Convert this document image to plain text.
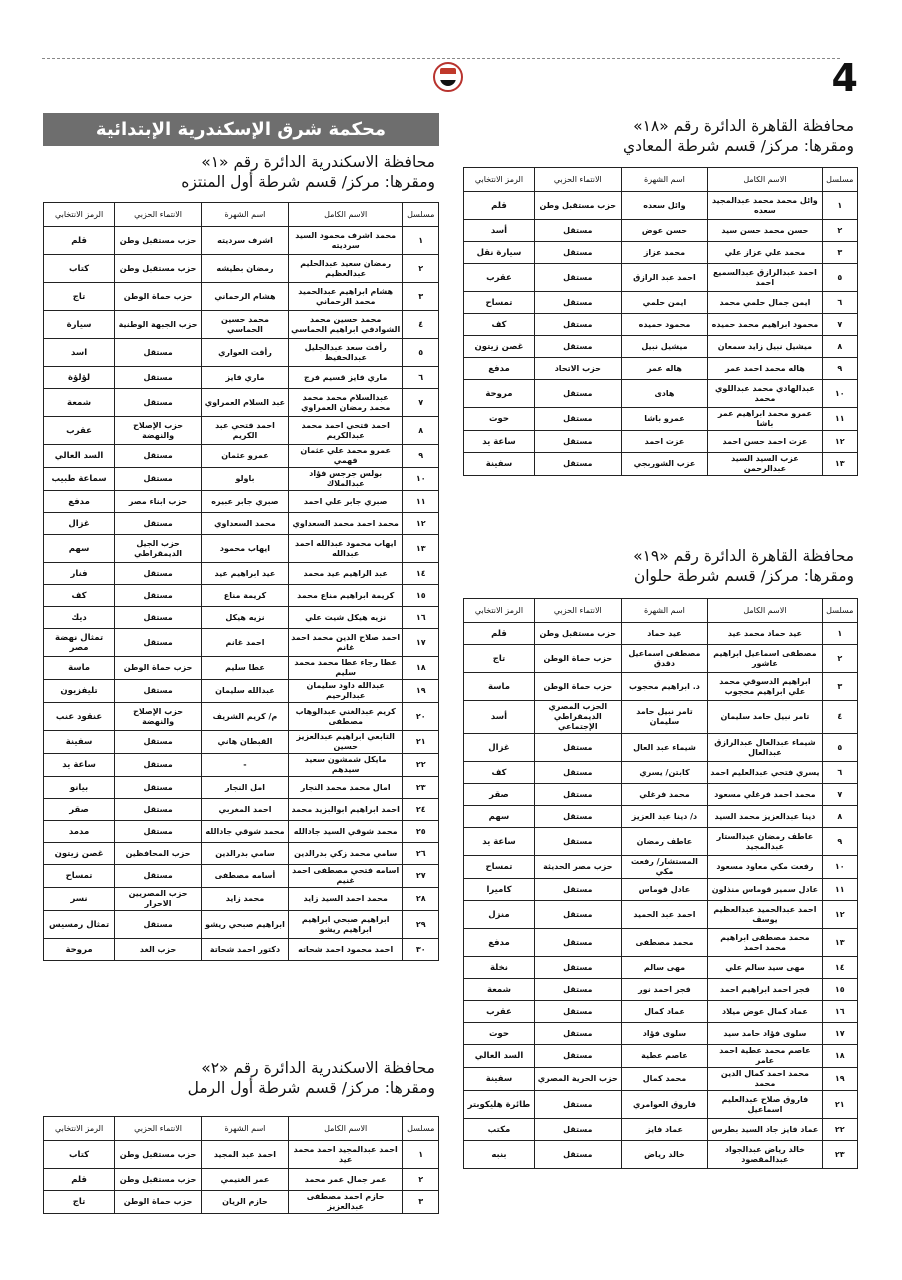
4
محكمة شرق الإسكندرية الإبتدائية
محافظة الاسكندرية الدائرة رقم «١»
ومقرها: مركز/ قسم شرطة أول المنتزه
مسلسل	الاسم الكامل	اسم الشهرة	الانتماء الحزبي	الرمز الانتخابي
١	محمد اشرف محمود السيد سرديته	اشرف سرديته	حزب مستقبل وطن	قلم
٢	رمضان سعيد عبدالحليم عبدالعظيم	رمضان بطيشه	حزب مستقبل وطن	كتاب
٣	هشام ابراهيم عبدالحميد محمد الرحماني	هشام الرحماني	حزب حماة الوطن	تاج
٤	محمد حسين محمد الشوادفي ابراهيم الحماسي	محمد حسين الحماسي	حزب الجبهة الوطنية	سيارة
٥	رأفت سعد عبدالجليل عبدالحفيظ	رأفت العواري	مستقل	اسد
٦	ماري فايز قسيم فرج	ماري فايز	مستقل	لؤلؤة
٧	عبدالسلام محمد محمد محمد رمضان العمراوي	عبد السلام العمراوي	مستقل	شمعة
٨	احمد فتحي احمد محمد عبدالكريم	احمد فتحي عبد الكريم	حزب الإصلاح والنهضة	عقرب
٩	عمرو محمد علي عثمان فهمي	عمرو عثمان	مستقل	السد العالي
١٠	بولس جرجس فؤاد عبدالملاك	باولو	مستقل	سماعة طبيب
١١	صبري جابر علي احمد	صبري جابر عبيره	حزب ابناء مصر	مدفع
١٢	محمد احمد محمد السعداوي	محمد السعداوي	مستقل	غزال
١٣	ايهاب محمود عبدالله احمد عبدالله	ايهاب محمود	حزب الجيل الديمقراطي	سهم
١٤	عبد الراهيم عيد محمد	عيد ابراهيم عيد	مستقل	فنار
١٥	كريمة ابراهيم مناع محمد	كريمة مناع	مستقل	كف
١٦	نزيه هيكل شيت علي	نزيه هيكل	مستقل	ديك
١٧	احمد صلاح الدين محمد احمد غانم	احمد غانم	مستقل	تمثال نهضة مصر
١٨	عطا رجاء عطا محمد محمد سليم	عطا سليم	حزب حماة الوطن	ماسة
١٩	عبدالله داود سليمان عبدالرحيم	عبدالله سليمان	مستقل	تليفزيون
٢٠	كريم عبدالغني عبدالوهاب مصطفى	م/ كريم الشريف	حزب الإصلاح والنهضة	عنقود عنب
٢١	التابعي ابراهيم عبدالعزيز حسين	القبطان هاني	مستقل	سفينة
٢٢	مايكل شمشون سعيد سيدهم	-	مستقل	ساعة يد
٢٣	امال محمد محمد النجار	امل النجار	مستقل	بيانو
٢٤	احمد ابراهيم ابوالبزيد محمد	احمد المغربي	مستقل	صقر
٢٥	محمد شوقي السيد جادالله	محمد شوقي جادالله	مستقل	مدمد
٢٦	سامي محمد زكي بدرالدين	سامي بدرالدين	حزب المحافظين	غصن زيتون
٢٧	اسامه فتحي مصطفى احمد غنيم	أسامه مصطفى	مستقل	تمساح
٢٨	محمد احمد السيد زايد	محمد زايد	حزب المصريين الاحرار	نسر
٢٩	ابراهيم صبحي ابراهيم ابراهيم ريشو	ابراهيم صبحي ريشو	مستقل	تمثال رمسيس
٣٠	احمد محمود احمد شحاته	دكتور احمد شحاتة	حزب الغد	مروحة
محافظة الاسكندرية الدائرة رقم «٢»
ومقرها: مركز/ قسم شرطة أول الرمل
مسلسل	الاسم الكامل	اسم الشهرة	الانتماء الحزبي	الرمز الانتخابي
١	احمد عبدالمجيد احمد محمد عيد	احمد عبد المجيد	حزب مستقبل وطن	كتاب
٢	عمر جمال عمر محمد	عمر الغنيمي	حزب مستقبل وطن	قلم
٣	حازم احمد مصطفى عبدالعزيز	حازم الريان	حزب حماة الوطن	تاج
محافظة القاهرة الدائرة رقم «١٨»
ومقرها: مركز/ قسم شرطة المعادي
مسلسل	الاسم الكامل	اسم الشهرة	الانتماء الحزبي	الرمز الانتخابي
١	وائل محمد محمد عبدالمجيد سعده	وائل سعده	حزب مستقبل وطن	قلم
٢	حسن محمد حسن سيد	حسن عوض	مستقل	أسد
٣	محمد علي عزاز علي	محمد عزاز	مستقل	سيارة نقل
٥	احمد عبدالرازق عبدالسميع احمد	احمد عبد الرازق	مستقل	عقرب
٦	ايمن جمال حلمي محمد	ايمن حلمي	مستقل	تمساح
٧	محمود ابراهيم محمد حميده	محمود حميده	مستقل	كف
٨	ميشيل نبيل زايد سمعان	ميشيل نبيل	مستقل	غصن زيتون
٩	هاله محمد احمد عمر	هاله عمر	حزب الاتحاد	مدفع
١٠	عبدالهادي محمد عبداللوي محمد	هادى	مستقل	مروحة
١١	عمرو محمد ابراهيم عمر باشا	عمرو باشا	مستقل	حوت
١٢	عزت احمد حسن احمد	عزت احمد	مستقل	ساعة يد
١٣	عزب السيد السيد عبدالرحمن	عزب الشوربجي	مستقل	سفينة
محافظة القاهرة الدائرة رقم «١٩»
ومقرها: مركز/ قسم شرطة حلوان
مسلسل	الاسم الكامل	اسم الشهرة	الانتماء الحزبي	الرمز الانتخابي
١	عيد حماد محمد عيد	عيد حماد	حزب مستقبل وطن	قلم
٢	مصطفى اسماعيل ابراهيم عاشور	مصطفى اسماعيل دقدق	حزب حماة الوطن	تاج
٣	ابراهيم الدسوقي محمد علي ابراهيم محجوب	د. ابراهيم محجوب	حزب حماة الوطن	ماسة
٤	تامر نبيل حامد سليمان	تامر نبيل حامد سليمان	الحزب المصري الديمقراطي الإجتماعي	أسد
٥	شيماء عبدالعال عبدالرازق عبدالعال	شيماء عبد العال	مستقل	غزال
٦	يسري فتحي عبدالعليم احمد	كابتن/ يسري	مستقل	كف
٧	محمد احمد فرغلي مسعود	محمد فرغلي	مستقل	صقر
٨	دينا عبدالعزيز محمد السيد	د/ دينا عبد العزيز	مستقل	سهم
٩	عاطف رمضان عبدالستار عبدالمجيد	عاطف رمضان	مستقل	ساعة يد
١٠	رفعت مكي معاود مسعود	المستشار/ رفعت مكي	حزب مصر الحديثة	تمساح
١١	عادل سمير قوماس منذلون	عادل قوماس	مستقل	كاميرا
١٢	احمد عبدالحميد عبدالعظيم يوسف	احمد عبد الحميد	مستقل	منزل
١٣	محمد مصطفى ابراهيم محمد احمد	محمد مصطفى	مستقل	مدفع
١٤	مهى سيد سالم علي	مهى سالم	مستقل	نخلة
١٥	فجر احمد ابراهيم احمد	فجر احمد نور	مستقل	شمعة
١٦	عماد كمال عوض ميلاد	عماد كمال	مستقل	عقرب
١٧	سلوى فؤاد حامد سيد	سلوى فؤاد	مستقل	حوت
١٨	عاصم محمد عطية احمد عامر	عاصم عطية	مستقل	السد العالي
١٩	محمد احمد كمال الدين محمد	محمد كمال	حزب الحرية المصري	سفينة
٢١	فاروق صلاح عبدالعليم اسماعيل	فاروق العوامري	مستقل	طائرة هليكوبتر
٢٢	عماد فايز جاد السيد بطرس	عماد فايز	مستقل	مكتب
٢٣	خالد رياض عبدالجواد عبدالمقصود	خالد رياض	مستقل	بنبه
